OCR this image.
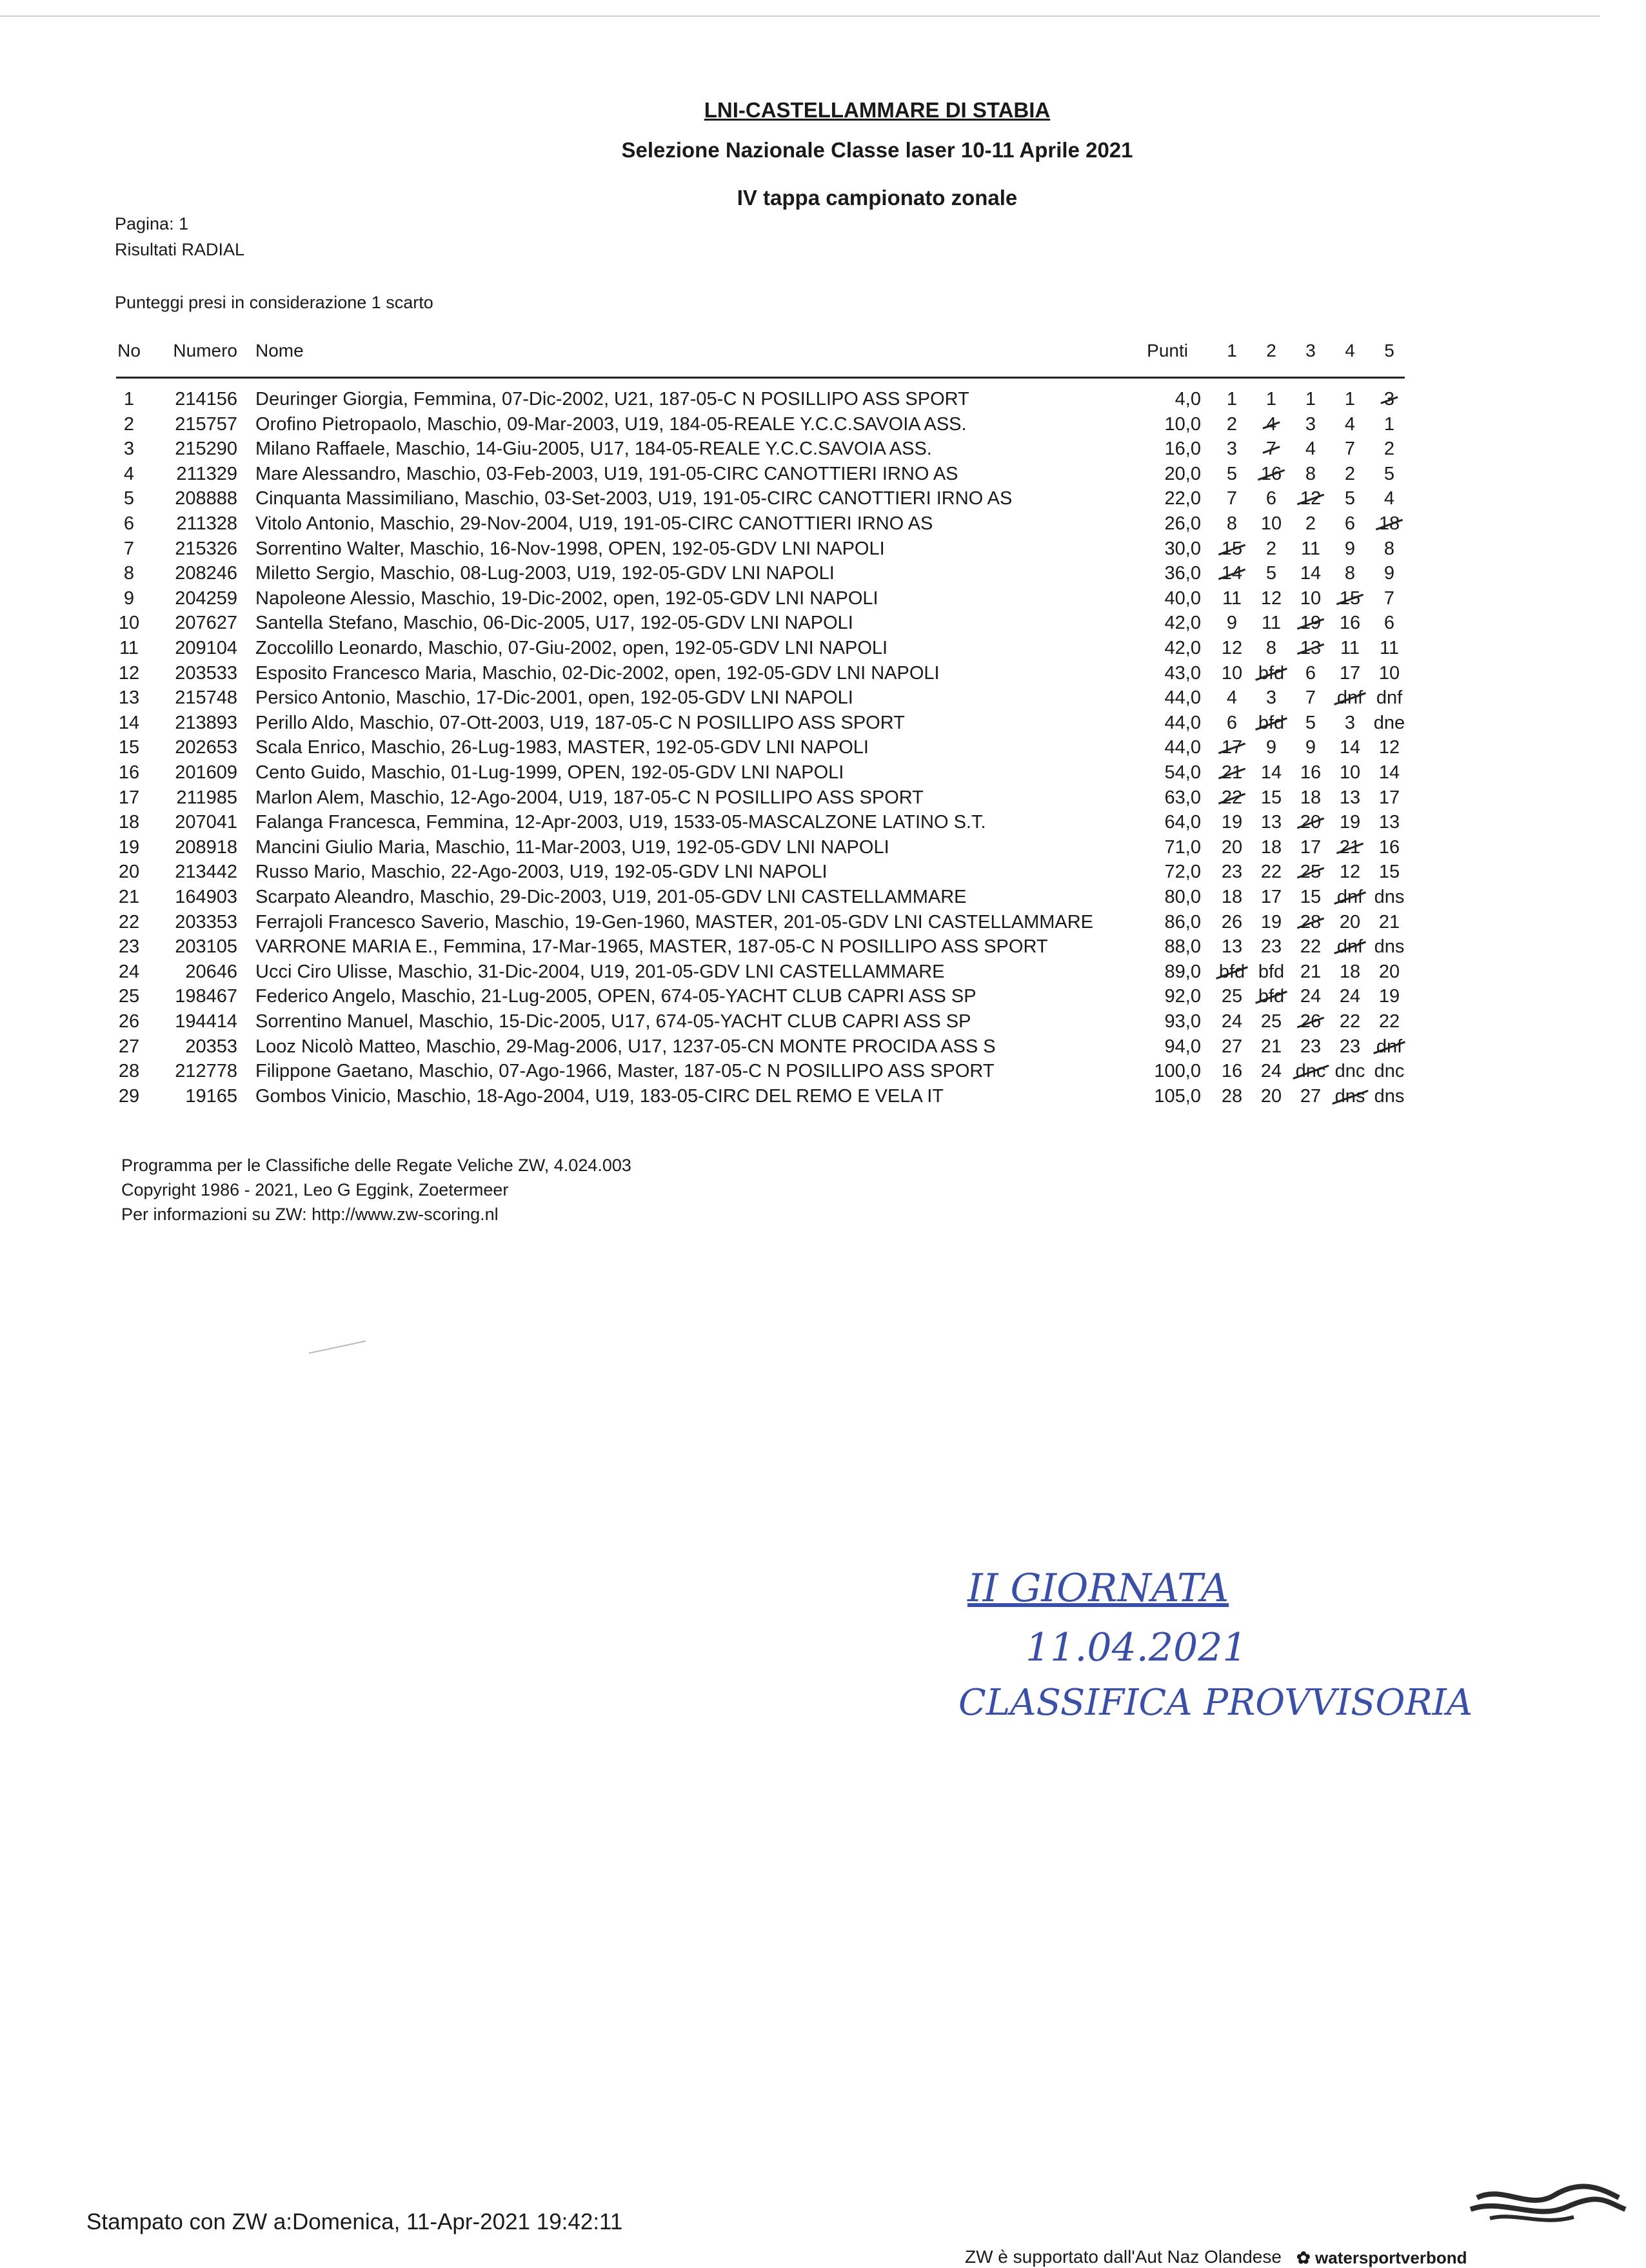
LNI-CASTELLAMMARE DI STABIA
Selezione Nazionale Classe laser 10-11 Aprile 2021
IV tappa campionato zonale
Pagina: 1
Risultati RADIAL
Punteggi presi in considerazione 1 scarto
No	Numero Nome	Punti	1	2	3	4	5
1	214156 Deuringer Giorgia, Femmina, 07-Dic-2002, U21, 187-05-C N POSILLIPO ASS SPORT	4,0	1	1	1	1	3
2	215757 Orofino Pietropaolo, Maschio, 09-Mar-2003, U19, 184-05-REALE Y.C.C.SAVOIA ASS.	10,0	2	4	3	4	1
3	215290 Milano Raffaele, Maschio, 14-Giu-2005, U17, 184-05-REALE Y.C.C.SAVOIA ASS.	16,0	3	7	4	7	2
4	211329 Mare Alessandro, Maschio, 03-Feb-2003, U19, 191-05-CIRC CANOTTIERI IRNO AS	20,0	5	16	8	2	5
5	208888 Cinquanta Massimiliano, Maschio, 03-Set-2003, U19, 191-05-CIRC CANOTTIERI IRNO AS	22,0	7	6	12	5	4
6	211328 Vitolo Antonio, Maschio, 29-Nov-2004, U19, 191-05-CIRC CANOTTIERI IRNO AS	26,0	8	10	2	6	18
7	215326 Sorrentino Walter, Maschio, 16-Nov-1998, OPEN, 192-05-GDV LNI NAPOLI	30,0	15	2	11	9	8
8	208246 Miletto Sergio, Maschio, 08-Lug-2003, U19, 192-05-GDV LNI NAPOLI	36,0	14	5	14	8	9
9	204259 Napoleone Alessio, Maschio, 19-Dic-2002, open, 192-05-GDV LNI NAPOLI	40,0	11	12 10 15	7
10	207627 Santella Stefano, Maschio, 06-Dic-2005, U17, 192-05-GDV LNI NAPOLI	42,0	9	11	19 16	6
11	209104 Zoccolillo Leonardo, Maschio, 07-Giu-2002, open, 192-05-GDV LNI NAPOLI	42,0	12	8	13	11	11
12	203533 Esposito Francesco Maria, Maschio, 02-Dic-2002, open, 192-05-GDV LNI NAPOLI	43,0	10 bfd	6	17 10
13	215748 Persico Antonio, Maschio, 17-Dic-2001, open, 192-05-GDV LNI NAPOLI	44,0	4	3	7	dnf dnf
14	213893 Perillo Aldo, Maschio, 07-Ott-2003, U19, 187-05-C N POSILLIPO ASS SPORT	44,0	6	bfd	5	3 dne
15	202653 Scala Enrico, Maschio, 26-Lug-1983, MASTER, 192-05-GDV LNI NAPOLI	44,0	17	9	9	14 12
16	201609 Cento Guido, Maschio, 01-Lug-1999, OPEN, 192-05-GDV LNI NAPOLI	54,0	21 14 16 10 14
17	211985 Marlon Alem, Maschio, 12-Ago-2004, U19, 187-05-C N POSILLIPO ASS SPORT	63,0	22 15 18 13 17
18	207041 Falanga Francesca, Femmina, 12-Apr-2003, U19, 1533-05-MASCALZONE LATINO S.T.	64,0	19 13 20 19 13
19	208918 Mancini Giulio Maria, Maschio, 11-Mar-2003, U19, 192-05-GDV LNI NAPOLI	71,0	20 18 17 21 16
20	213442 Russo Mario, Maschio, 22-Ago-2003, U19, 192-05-GDV LNI NAPOLI	72,0	23 22 25 12 15
21	164903 Scarpato Aleandro, Maschio, 29-Dic-2003, U19, 201-05-GDV LNI CASTELLAMMARE	80,0	18 17 15 dnf dns
22	203353 Ferrajoli Francesco Saverio, Maschio, 19-Gen-1960, MASTER, 201-05-GDV LNI CASTELLAMMARE	86,0	26 19 28 20 21
23	203105 VARRONE MARIA E., Femmina, 17-Mar-1965, MASTER, 187-05-C N POSILLIPO ASS SPORT	88,0	13 23 22 dnf dns
24	20646 Ucci Ciro Ulisse, Maschio, 31-Dic-2004, U19, 201-05-GDV LNI CASTELLAMMARE	89,0 bfd bfd 21 18 20
25	198467 Federico Angelo, Maschio, 21-Lug-2005, OPEN, 674-05-YACHT CLUB CAPRI ASS SP	92,0	25 bfd 24 24 19
26	194414 Sorrentino Manuel, Maschio, 15-Dic-2005, U17, 674-05-YACHT CLUB CAPRI ASS SP	93,0	24 25 26 22 22
27	20353 Looz Nicolò Matteo, Maschio, 29-Mag-2006, U17, 1237-05-CN MONTE PROCIDA ASS S	94,0	27 21 23 23 dnf
28	212778 Filippone Gaetano, Maschio, 07-Ago-1966, Master, 187-05-C N POSILLIPO ASS SPORT	100,0	16 24 dnc dnc dnc
29	19165 Gombos Vinicio, Maschio, 18-Ago-2004, U19, 183-05-CIRC DEL REMO E VELA IT	105,0	28 20 27 dns dns
Programma per le Classifiche delle Regate Veliche ZW, 4.024.003
Copyright 1986 - 2021, Leo G Eggink, Zoetermeer
Per informazioni su ZW: http://www.zw-scoring.nl
II GIORNATA
11.04.2021
CLASSIFICA PROVVISORIA
Stampato con ZW a:Domenica, 11-Apr-2021 19:42:11
ZW è supportato dall'Aut Naz Olandese ✿ watersportverbond
